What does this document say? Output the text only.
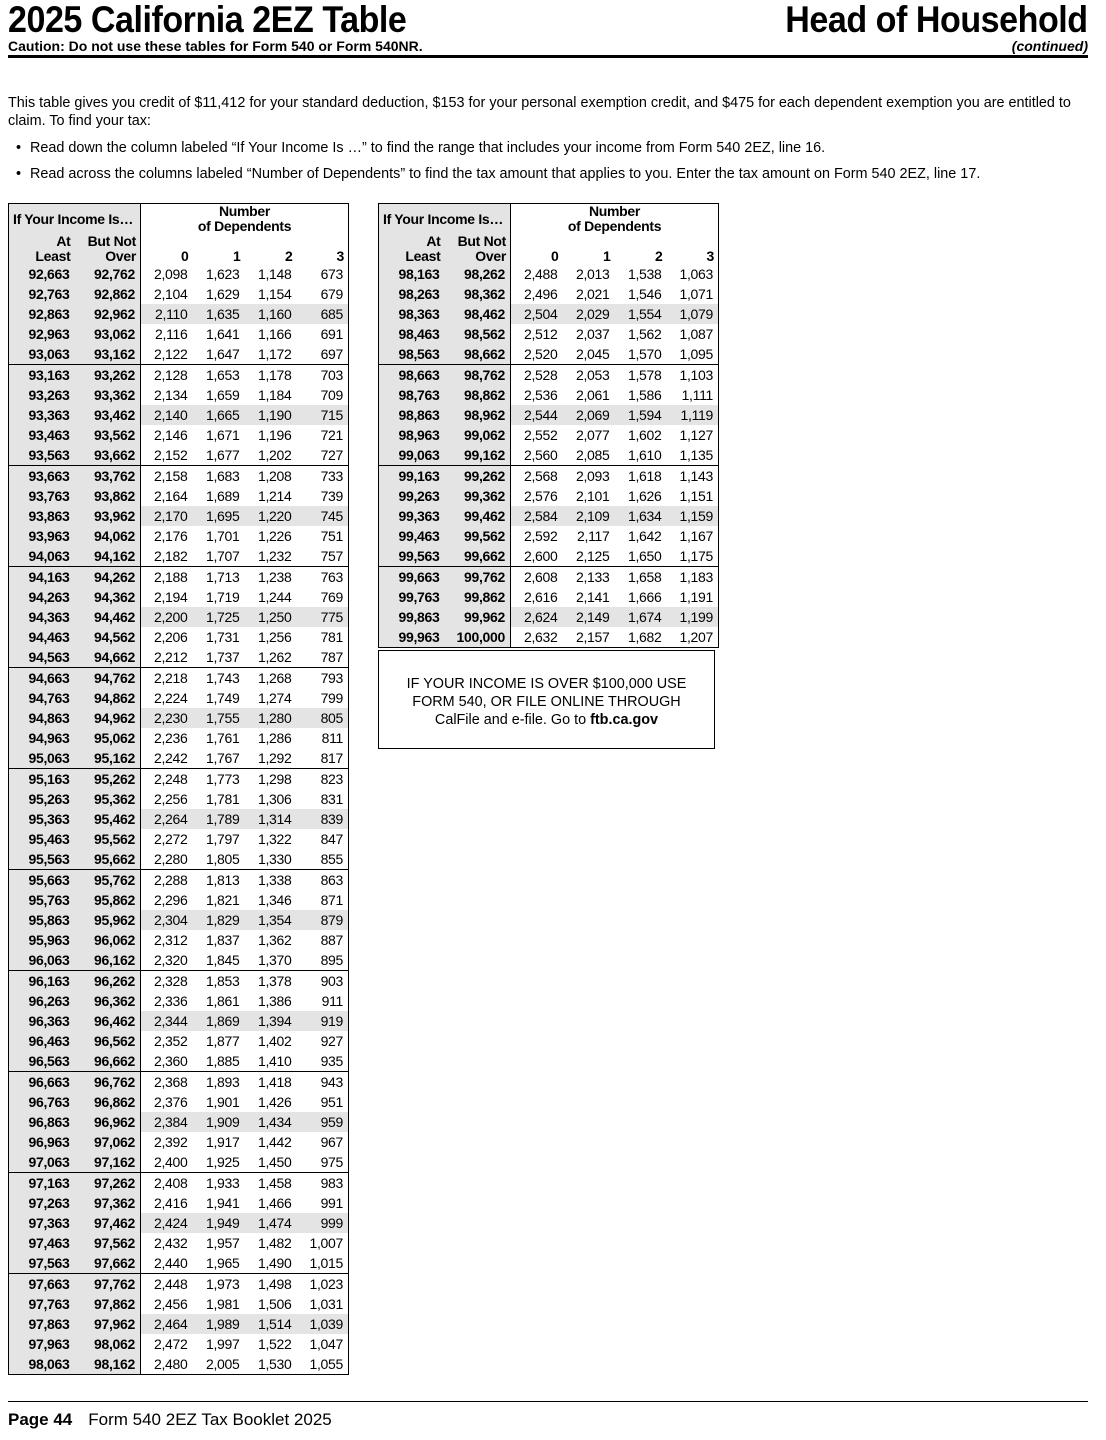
2025 California 2EZ Table	Head of Household
Caution: Do not use these tables for Form 540 or Form 540NR.	(continued)
This table gives you credit of $11,412 for your standard deduction, $153 for your personal exemption credit, and $475 for each dependent exemption you are entitled to claim. To find your tax:
• Read down the column labeled “If Your Income Is …” to find the range that includes your income from Form 540 2EZ, line 16.
• Read across the columns labeled “Number of Dependents” to find the tax amount that applies to you. Enter the tax amount on Form 540 2EZ, line 17.
If Your Income Is…		Number
of Dependents			
At
Least	But Not
Over	0	1	2	3
92,663	92,762	2,098	1,623	1,148	673
92,763	92,862	2,104	1,629	1,154	679
92,863	92,962	2,110	1,635	1,160	685
92,963	93,062	2,116	1,641	1,166	691
93,063	93,162	2,122	1,647	1,172	697
93,163	93,262	2,128	1,653	1,178	703
93,263	93,362	2,134	1,659	1,184	709
93,363	93,462	2,140	1,665	1,190	715
93,463	93,562	2,146	1,671	1,196	721
93,563	93,662	2,152	1,677	1,202	727
93,663	93,762	2,158	1,683	1,208	733
93,763	93,862	2,164	1,689	1,214	739
93,863	93,962	2,170	1,695	1,220	745
93,963	94,062	2,176	1,701	1,226	751
94,063	94,162	2,182	1,707	1,232	757
94,163	94,262	2,188	1,713	1,238	763
94,263	94,362	2,194	1,719	1,244	769
94,363	94,462	2,200	1,725	1,250	775
94,463	94,562	2,206	1,731	1,256	781
94,563	94,662	2,212	1,737	1,262	787
94,663	94,762	2,218	1,743	1,268	793
94,763	94,862	2,224	1,749	1,274	799
94,863	94,962	2,230	1,755	1,280	805
94,963	95,062	2,236	1,761	1,286	811
95,063	95,162	2,242	1,767	1,292	817
95,163	95,262	2,248	1,773	1,298	823
95,263	95,362	2,256	1,781	1,306	831
95,363	95,462	2,264	1,789	1,314	839
95,463	95,562	2,272	1,797	1,322	847
95,563	95,662	2,280	1,805	1,330	855
95,663	95,762	2,288	1,813	1,338	863
95,763	95,862	2,296	1,821	1,346	871
95,863	95,962	2,304	1,829	1,354	879
95,963	96,062	2,312	1,837	1,362	887
96,063	96,162	2,320	1,845	1,370	895
96,163	96,262	2,328	1,853	1,378	903
96,263	96,362	2,336	1,861	1,386	911
96,363	96,462	2,344	1,869	1,394	919
96,463	96,562	2,352	1,877	1,402	927
96,563	96,662	2,360	1,885	1,410	935
96,663	96,762	2,368	1,893	1,418	943
96,763	96,862	2,376	1,901	1,426	951
96,863	96,962	2,384	1,909	1,434	959
96,963	97,062	2,392	1,917	1,442	967
97,063	97,162	2,400	1,925	1,450	975
97,163	97,262	2,408	1,933	1,458	983
97,263	97,362	2,416	1,941	1,466	991
97,363	97,462	2,424	1,949	1,474	999
97,463	97,562	2,432	1,957	1,482	1,007
97,563	97,662	2,440	1,965	1,490	1,015
97,663	97,762	2,448	1,973	1,498	1,023
97,763	97,862	2,456	1,981	1,506	1,031
97,863	97,962	2,464	1,989	1,514	1,039
97,963	98,062	2,472	1,997	1,522	1,047
98,063	98,162	2,480	2,005	1,530	1,055
If Your Income Is…		Number
of Dependents			
At
Least	But Not
Over	0	1	2	3
98,163	98,262	2,488	2,013	1,538	1,063
98,263	98,362	2,496	2,021	1,546	1,071
98,363	98,462	2,504	2,029	1,554	1,079
98,463	98,562	2,512	2,037	1,562	1,087
98,563	98,662	2,520	2,045	1,570	1,095
98,663	98,762	2,528	2,053	1,578	1,103
98,763	98,862	2,536	2,061	1,586	1,111
98,863	98,962	2,544	2,069	1,594	1,119
98,963	99,062	2,552	2,077	1,602	1,127
99,063	99,162	2,560	2,085	1,610	1,135
99,163	99,262	2,568	2,093	1,618	1,143
99,263	99,362	2,576	2,101	1,626	1,151
99,363	99,462	2,584	2,109	1,634	1,159
99,463	99,562	2,592	2,117	1,642	1,167
99,563	99,662	2,600	2,125	1,650	1,175
99,663	99,762	2,608	2,133	1,658	1,183
99,763	99,862	2,616	2,141	1,666	1,191
99,863	99,962	2,624	2,149	1,674	1,199
99,963	100,000	2,632	2,157	1,682	1,207
IF YOUR INCOME IS OVER $100,000 USE
FORM 540, OR FILE ONLINE THROUGH
CalFile and e-file. Go to ftb.ca.gov
Page 44 Form 540 2EZ Tax Booklet 2025
